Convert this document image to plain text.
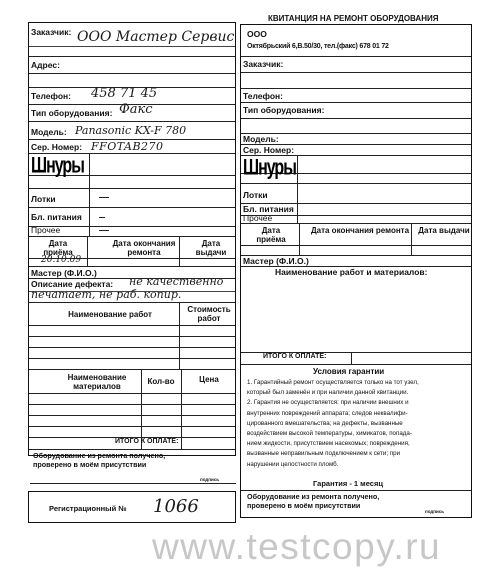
Заказчик: ООО Мастер Сервис
Адрес:
Телефон: 458 71 45
Тип оборудования: Факс
Модель: Panasonic KX-F 780
Сер. Номер: FFOTAB270
Шнуры
Лотки
Бл. питания
Прочее
Дата приёма
Дата окончания ремонта
Дата выдачи
20.10.09
Мастер (Ф.И.О.)
Описание дефекта: не качественно
печатает, не раб. копир.
Наименование работ
Стоимость работ
Наименование материалов
Кол-во	Цена
ИТОГО К ОПЛАТЕ:
Оборудование из ремонта получено,
проверено в моём присутствии
подпись
Регистрационный № 1066
КВИТАНЦИЯ НА РЕМОНТ ОБОРУДОВАНИЯ
ООО
Октябрьский 6,В.50/30, тел.(факс) 678 01 72
Заказчик:
Телефон:
Тип оборудования:
Модель:
Сер. Номер:
Шнуры
Лотки
Бл. питания
Прочее
Дата приёма
Дата окончания ремонта	Дата выдачи
Мастер (Ф.И.О.)
Наименование работ и материалов:
ИТОГО К ОПЛАТЕ:
Условия гарантии
1. Гарантийный ремонт осуществляется только на тот узел,
который был заменён и при наличии данной квитанции.
2. Гарантия не осуществляется: при наличии внешних и
внутренних повреждений аппарата; следов неквалифи-
цированного вмешательства; на дефекты, вызванные
воздействием высокой температуры, химикатов, попада-
нием жидкости, присутствием насекомых; повреждения,
вызванные неправильным подключением к сети; при
нарушении целостности пломб.
Гарантия - 1 месяц
Оборудование из ремонта получено,
проверено в моём присутствии
подпись
www.testcopy.ru
